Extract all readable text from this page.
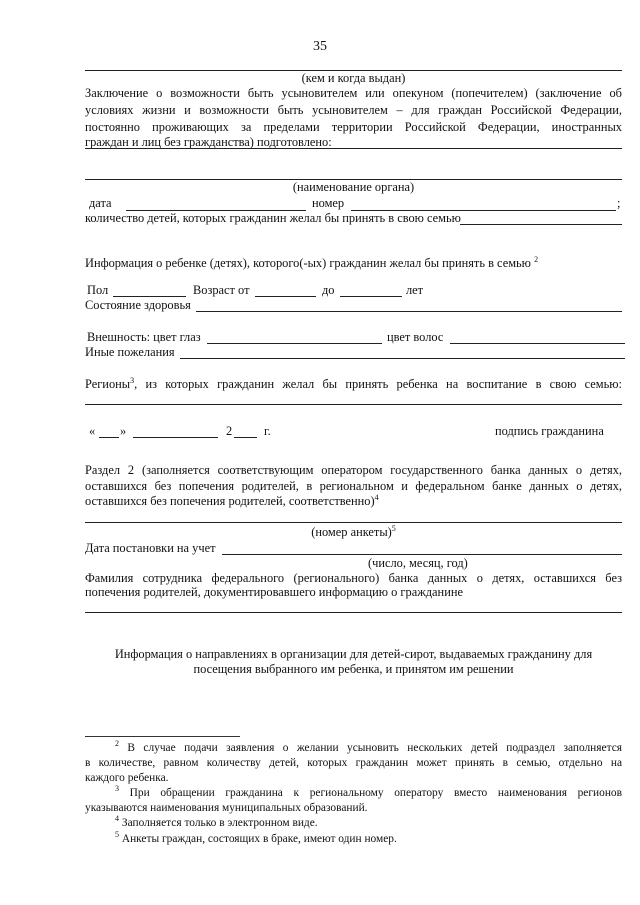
35
(кем и когда выдан)
Заключение о возможности быть усыновителем или опекуном (попечителем) (заключение об
условиях жизни и возможности быть усыновителем – для граждан Российской Федерации,
постоянно проживающих за пределами территории Российской Федерации, иностранных
граждан и лиц без гражданства) подготовлено:
(наименование органа)
дата	номер	;
количество детей, которых гражданин желал бы принять в свою семью
Информация о ребенке (детях), которого(-ых) гражданин желал бы принять в семью $^2$
Пол	Возраст от	до	лет
Состояние здоровья
Внешность: цвет глаз	цвет волос
Иные пожелания
Регионы$^3$, из которых гражданин желал бы принять ребенка на воспитание в свою семью:
« »	2	г.	подпись гражданина
Раздел 2 (заполняется соответствующим оператором государственного банка данных о детях,
оставшихся без попечения родителей, в региональном и федеральном банке данных о детях,
оставшихся без попечения родителей, соответственно)$^4$
(номер анкеты)$^5$
Дата постановки на учет
(число, месяц, год)
Фамилия сотрудника федерального (регионального) банка данных о детях, оставшихся без
попечения родителей, документировавшего информацию о гражданине
Информация о направлениях в организации для детей-сирот, выдаваемых гражданину для
посещения выбранного им ребенка, и принятом им решении
$^2$ В случае подачи заявления о желании усыновить нескольких детей подраздел заполняется
в количестве, равном количеству детей, которых гражданин может принять в семью, отдельно на
каждого ребенка.
$^3$ При обращении гражданина к региональному оператору вместо наименования регионов
указываются наименования муниципальных образований.
$^4$ Заполняется только в электронном виде.
$^5$ Анкеты граждан, состоящих в браке, имеют один номер.
